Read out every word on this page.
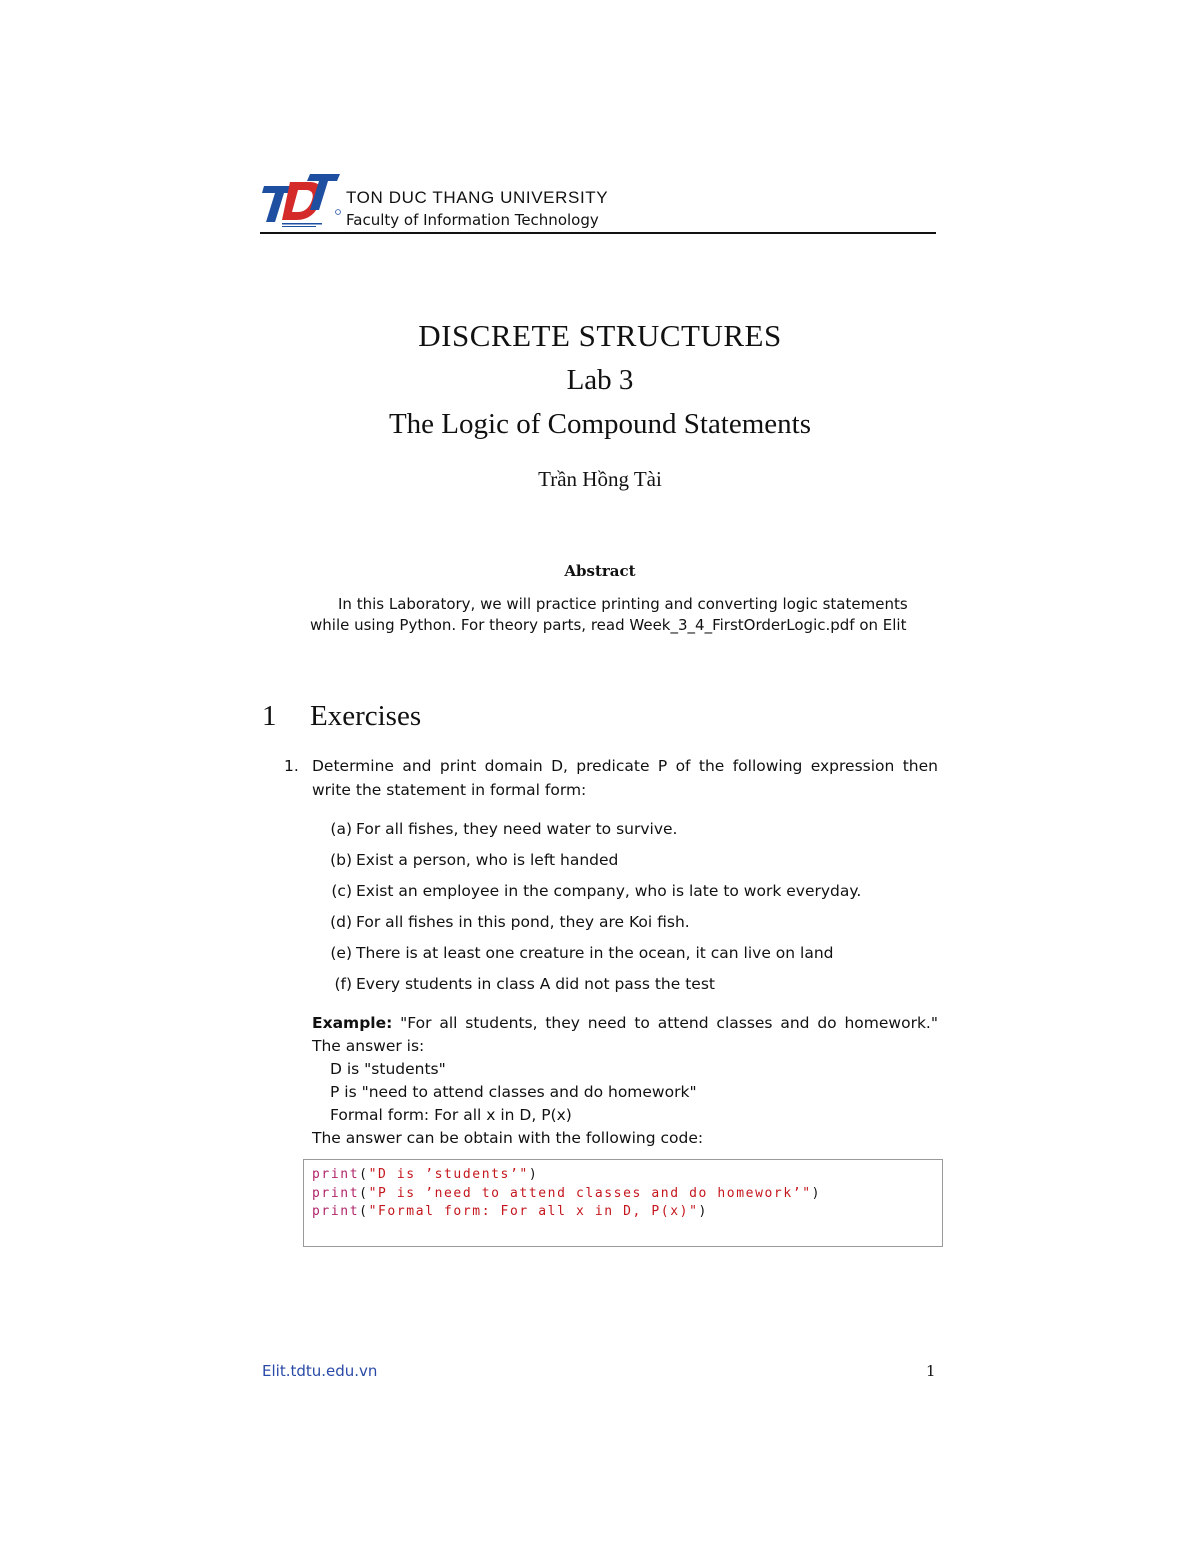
TON DUC THANG UNIVERSITY
Faculty of Information Technology
DISCRETE STRUCTURES
Lab 3
The Logic of Compound Statements
Trần Hồng Tài
Abstract
In this Laboratory, we will practice printing and converting logic statements while using Python. For theory parts, read Week_3_4_FirstOrderLogic.pdf on Elit
1 Exercises
1. Determine and print domain D, predicate P of the following expression then write the statement in formal form:
(a) For all fishes, they need water to survive.
(b) Exist a person, who is left handed
(c) Exist an employee in the company, who is late to work everyday.
(d) For all fishes in this pond, they are Koi fish.
(e) There is at least one creature in the ocean, it can live on land
(f) Every students in class A did not pass the test
Example: "For all students, they need to attend classes and do homework." The answer is:
D is "students"
P is "need to attend classes and do homework"
Formal form: For all x in D, P(x)
The answer can be obtain with the following code:
print("D is ’students’")
print("P is ’need to attend classes and do homework’")
print("Formal form: For all x in D, P(x)")
Elit.tdtu.edu.vn	1
